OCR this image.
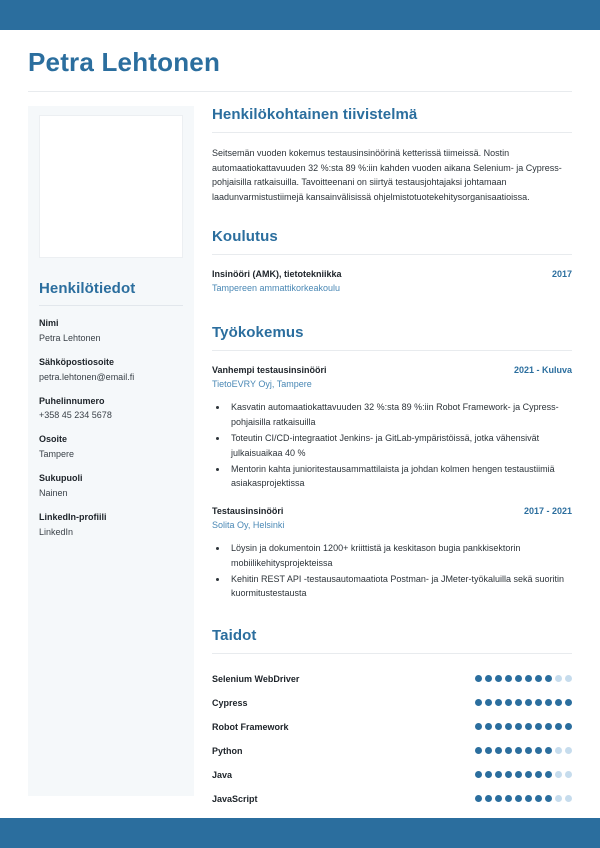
Petra Lehtonen
Henkilötiedot
Nimi
Petra Lehtonen
Sähköpostiosoite
petra.lehtonen@email.fi
Puhelinnumero
+358 45 234 5678
Osoite
Tampere
Sukupuoli
Nainen
LinkedIn-profiili
LinkedIn
Henkilökohtainen tiivistelmä
Seitsemän vuoden kokemus testausinsinöörinä ketterissä tiimeissä. Nostin automaatiokattavuuden 32 %:sta 89 %:iin kahden vuoden aikana Selenium- ja Cypress-pohjaisilla ratkaisuilla. Tavoitteenani on siirtyä testausjohtajaksi johtamaan laadunvarmistustiimejä kansainvälisissä ohjelmistotuotekehitysorganisaatioissa.
Koulutus
Insinööri (AMK), tietotekniikka	2017
Tampereen ammattikorkeakoulu
Työkokemus
Vanhempi testausinsinööri	2021 - Kuluva
TietoEVRY Oyj, Tampere
• Kasvatin automaatiokattavuuden 32 %:sta 89 %:iin Robot Framework- ja Cypress-pohjaisilla ratkaisuilla
• Toteutin CI/CD-integraatiot Jenkins- ja GitLab-ympäristöissä, jotka vähensivät julkaisuaikaa 40 %
• Mentorin kahta junioritestausammattilaista ja johdan kolmen hengen testaustiimiä asiakasprojektissa
Testausinsinööri	2017 - 2021
Solita Oy, Helsinki
• Löysin ja dokumentoin 1200+ kriittistä ja keskitason bugia pankkisektorin mobiilikehitysprojekteissa
• Kehitin REST API -testausautomaatiota Postman- ja JMeter-työkaluilla sekä suoritin kuormitustestausta
Taidot
Selenium WebDriver
Cypress
Robot Framework
Python
Java
JavaScript
